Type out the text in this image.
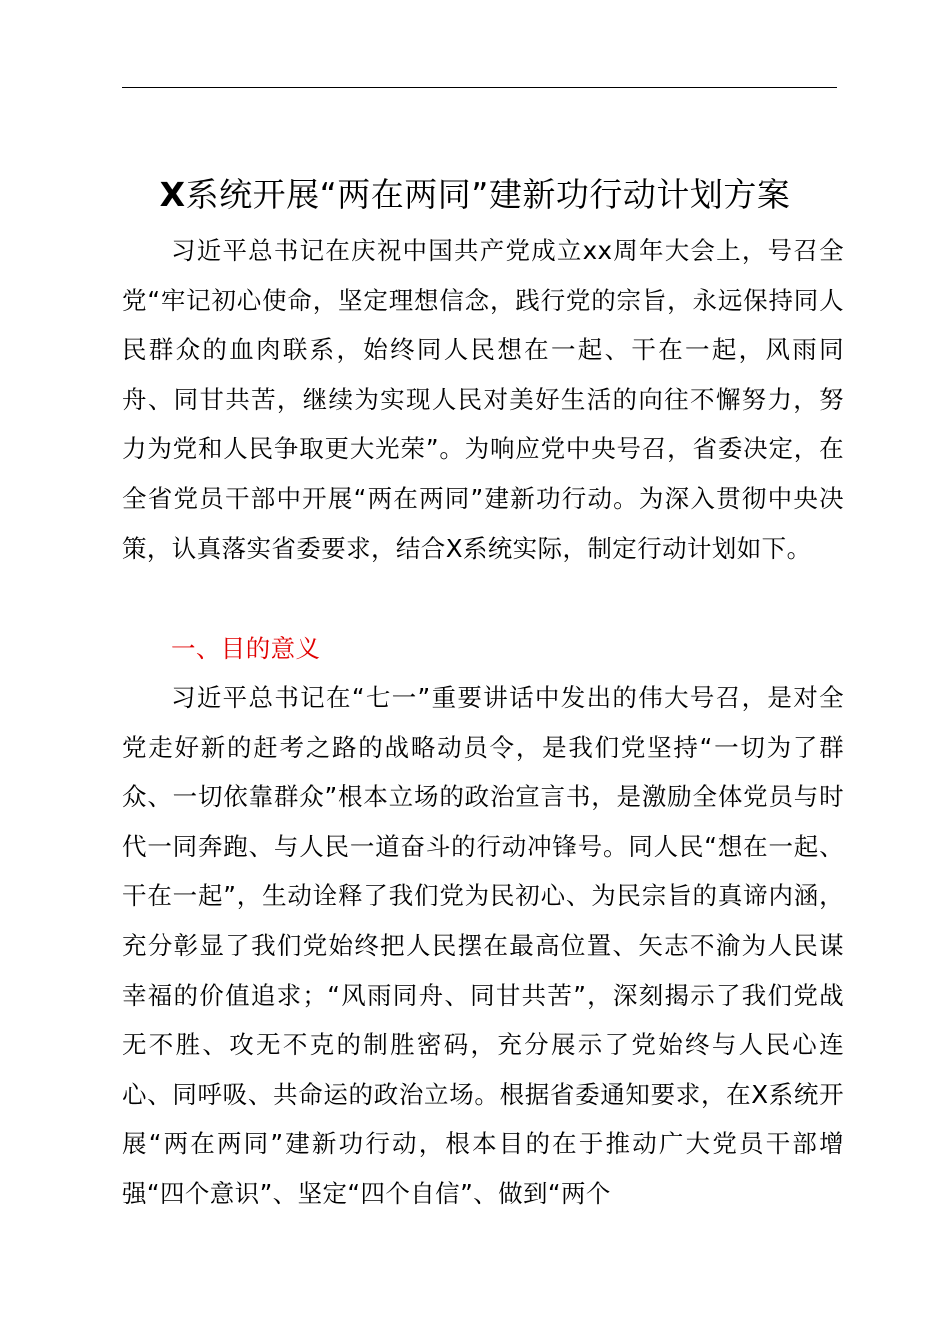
X系统开展“两在两同”建新功行动计划方案

习近平总书记在庆祝中国共产党成立xx周年大会上，号召全党“牢记初心使命，坚定理想信念，践行党的宗旨，永远保持同人民群众的血肉联系，始终同人民想在一起、干在一起，风雨同舟、同甘共苦，继续为实现人民对美好生活的向往不懈努力，努力为党和人民争取更大光荣”。为响应党中央号召，省委决定，在全省党员干部中开展“两在两同”建新功行动。为深入贯彻中央决策，认真落实省委要求，结合X系统实际，制定行动计划如下。

一、目的意义

习近平总书记在“七一”重要讲话中发出的伟大号召，是对全党走好新的赶考之路的战略动员令，是我们党坚持“一切为了群众、一切依靠群众”根本立场的政治宣言书，是激励全体党员与时代一同奔跑、与人民一道奋斗的行动冲锋号。同人民“想在一起、干在一起”，生动诠释了我们党为民初心、为民宗旨的真谛内涵，充分彰显了我们党始终把人民摆在最高位置、矢志不渝为人民谋幸福的价值追求；“风雨同舟、同甘共苦”，深刻揭示了我们党战无不胜、攻无不克的制胜密码，充分展示了党始终与人民心连心、同呼吸、共命运的政治立场。根据省委通知要求，在X系统开展“两在两同”建新功行动，根本目的在于推动广大党员干部增强“四个意识”、坚定“四个自信”、做到“两个
